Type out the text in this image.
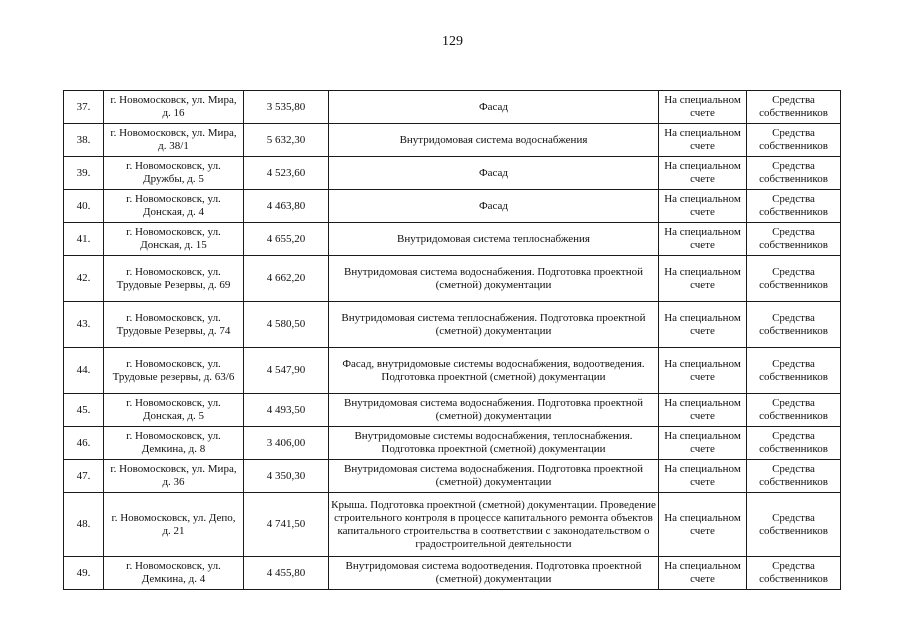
129
37.	г. Новомосковск, ул. Мира, д. 16	3 535,80	Фасад	На специальном счете	Средства собственников
38.	г. Новомосковск, ул. Мира, д. 38/1	5 632,30	Внутридомовая система водоснабжения	На специальном счете	Средства собственников
39.	г. Новомосковск, ул. Дружбы, д. 5	4 523,60	Фасад	На специальном счете	Средства собственников
40.	г. Новомосковск, ул. Донская, д. 4	4 463,80	Фасад	На специальном счете	Средства собственников
41.	г. Новомосковск, ул. Донская, д. 15	4 655,20	Внутридомовая система теплоснабжения	На специальном счете	Средства собственников
42.	г. Новомосковск, ул. Трудовые Резервы, д. 69	4 662,20	Внутридомовая система водоснабжения. Подготовка проектной (сметной) документации	На специальном счете	Средства собственников
43.	г. Новомосковск, ул. Трудовые Резервы, д. 74	4 580,50	Внутридомовая система теплоснабжения. Подготовка проектной (сметной) документации	На специальном счете	Средства собственников
44.	г. Новомосковск, ул. Трудовые резервы, д. 63/6	4 547,90	Фасад, внутридомовые системы водоснабжения, водоотведения. Подготовка проектной (сметной) документации	На специальном счете	Средства собственников
45.	г. Новомосковск, ул. Донская, д. 5	4 493,50	Внутридомовая система водоснабжения. Подготовка проектной (сметной) документации	На специальном счете	Средства собственников
46.	г. Новомосковск, ул. Демкина, д. 8	3 406,00	Внутридомовые системы водоснабжения, теплоснабжения. Подготовка проектной (сметной) документации	На специальном счете	Средства собственников
47.	г. Новомосковск, ул. Мира, д. 36	4 350,30	Внутридомовая система водоснабжения. Подготовка проектной (сметной) документации	На специальном счете	Средства собственников
48.	г. Новомосковск, ул. Депо, д. 21	4 741,50	Крыша. Подготовка проектной (сметной) документации. Проведение строительного контроля в процессе капитального ремонта объектов капитального строительства в соответствии с законодательством о градостроительной деятельности	На специальном счете	Средства собственников
49.	г. Новомосковск, ул. Демкина, д. 4	4 455,80	Внутридомовая система водоотведения. Подготовка проектной (сметной) документации	На специальном счете	Средства собственников
